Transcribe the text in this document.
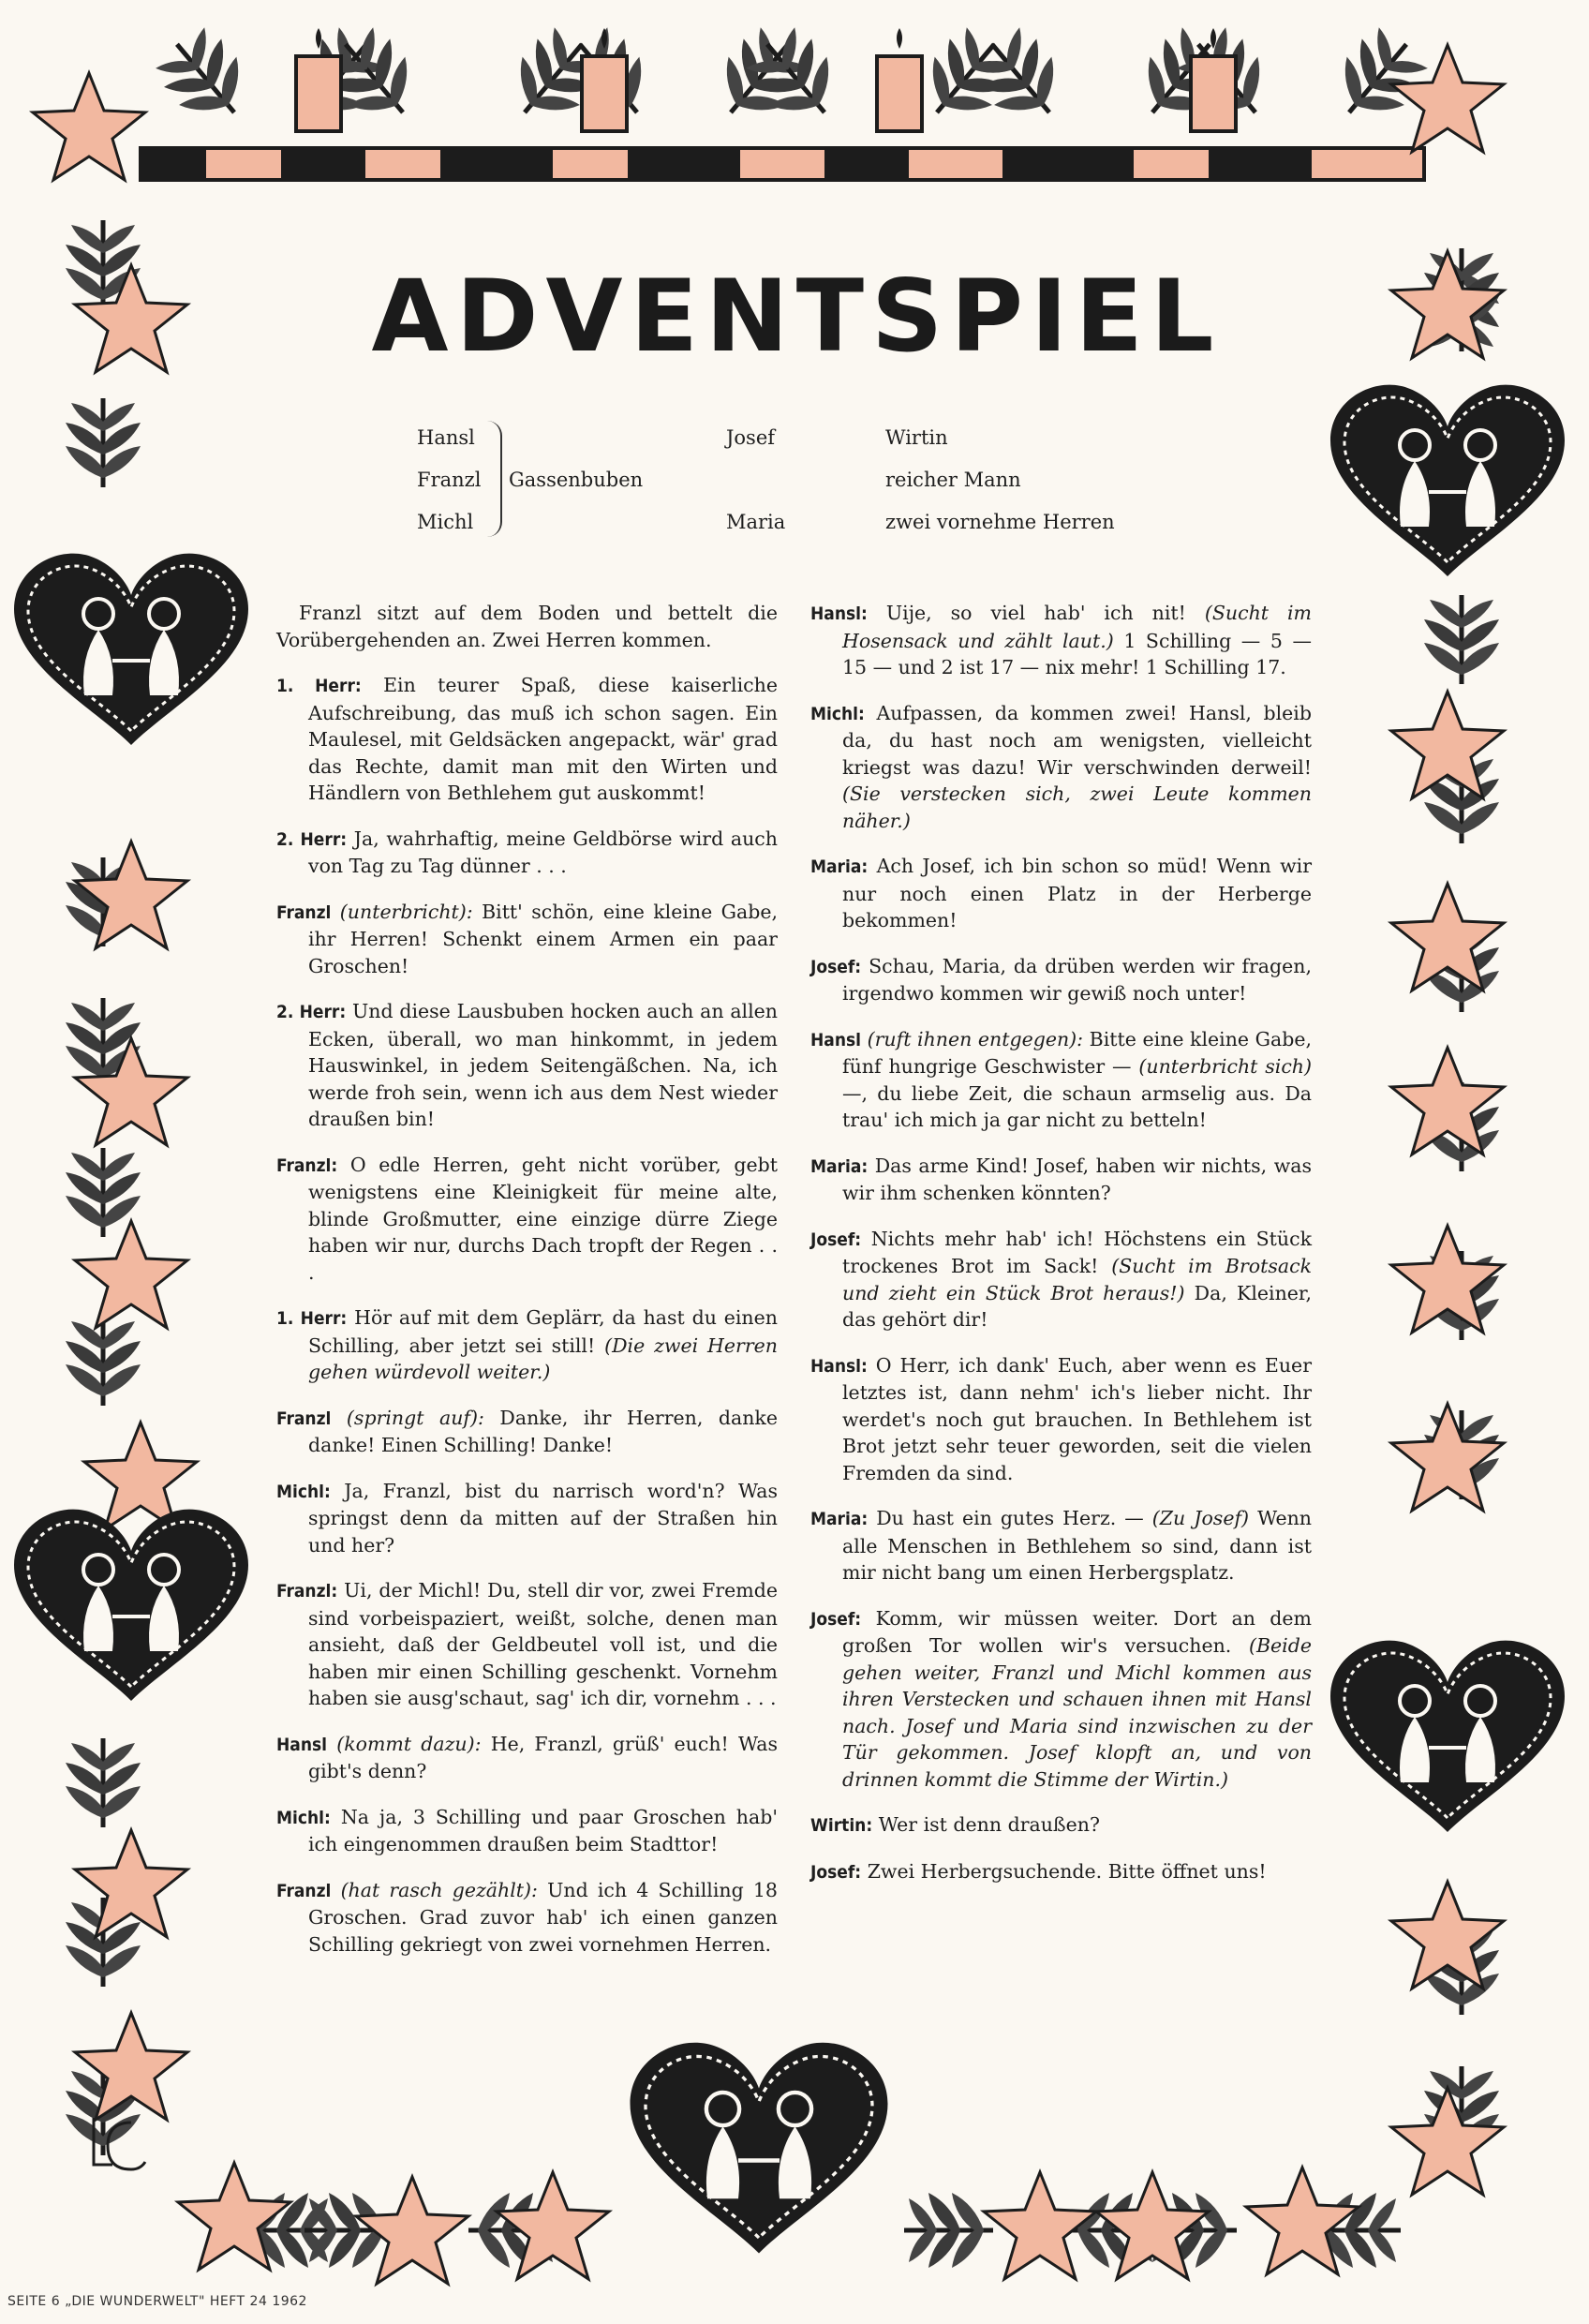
ADVENTSPIEL
Hansl
Franzl
Michl
Gassenbuben
Josef
Maria
Wirtin
reicher Mann
zwei vornehme Herren
Franzl sitzt auf dem Boden und bettelt die Vorübergehenden an. Zwei Herren kommen.
1. Herr: Ein teurer Spaß, diese kaiserliche Aufschreibung, das muß ich schon sagen. Ein Maulesel, mit Geldsäcken angepackt, wär' grad das Rechte, damit man mit den Wirten und Händlern von Bethlehem gut auskommt!
2. Herr: Ja, wahrhaftig, meine Geldbörse wird auch von Tag zu Tag dünner . . .
Franzl (unterbricht): Bitt' schön, eine kleine Gabe, ihr Herren! Schenkt einem Armen ein paar Groschen!
2. Herr: Und diese Lausbuben hocken auch an allen Ecken, überall, wo man hinkommt, in jedem Hauswinkel, in jedem Seitengäßchen. Na, ich werde froh sein, wenn ich aus dem Nest wieder draußen bin!
Franzl: O edle Herren, geht nicht vorüber, gebt wenigstens eine Kleinigkeit für meine alte, blinde Großmutter, eine einzige dürre Ziege haben wir nur, durchs Dach tropft der Regen . . .
1. Herr: Hör auf mit dem Geplärr, da hast du einen Schilling, aber jetzt sei still! (Die zwei Herren gehen würdevoll weiter.)
Franzl (springt auf): Danke, ihr Herren, danke danke! Einen Schilling! Danke!
Michl: Ja, Franzl, bist du narrisch word'n? Was springst denn da mitten auf der Straßen hin und her?
Franzl: Ui, der Michl! Du, stell dir vor, zwei Fremde sind vorbeispaziert, weißt, solche, denen man ansieht, daß der Geldbeutel voll ist, und die haben mir einen Schilling geschenkt. Vornehm haben sie ausg'schaut, sag' ich dir, vornehm . . .
Hansl (kommt dazu): He, Franzl, grüß' euch! Was gibt's denn?
Michl: Na ja, 3 Schilling und paar Groschen hab' ich eingenommen draußen beim Stadttor!
Franzl (hat rasch gezählt): Und ich 4 Schilling 18 Groschen. Grad zuvor hab' ich einen ganzen Schilling gekriegt von zwei vornehmen Herren.
Hansl: Uije, so viel hab' ich nit! (Sucht im Hosensack und zählt laut.) 1 Schilling — 5 — 15 — und 2 ist 17 — nix mehr! 1 Schilling 17.
Michl: Aufpassen, da kommen zwei! Hansl, bleib da, du hast noch am wenigsten, vielleicht kriegst was dazu! Wir verschwinden derweil! (Sie verstecken sich, zwei Leute kommen näher.)
Maria: Ach Josef, ich bin schon so müd! Wenn wir nur noch einen Platz in der Herberge bekommen!
Josef: Schau, Maria, da drüben werden wir fragen, irgendwo kommen wir gewiß noch unter!
Hansl (ruft ihnen entgegen): Bitte eine kleine Gabe, fünf hungrige Geschwister — (unterbricht sich) —, du liebe Zeit, die schaun armselig aus. Da trau' ich mich ja gar nicht zu betteln!
Maria: Das arme Kind! Josef, haben wir nichts, was wir ihm schenken könnten?
Josef: Nichts mehr hab' ich! Höchstens ein Stück trockenes Brot im Sack! (Sucht im Brotsack und zieht ein Stück Brot heraus!) Da, Kleiner, das gehört dir!
Hansl: O Herr, ich dank' Euch, aber wenn es Euer letztes ist, dann nehm' ich's lieber nicht. Ihr werdet's noch gut brauchen. In Bethlehem ist Brot jetzt sehr teuer geworden, seit die vielen Fremden da sind.
Maria: Du hast ein gutes Herz. — (Zu Josef) Wenn alle Menschen in Bethlehem so sind, dann ist mir nicht bang um einen Herbergsplatz.
Josef: Komm, wir müssen weiter. Dort an dem großen Tor wollen wir's versuchen. (Beide gehen weiter, Franzl und Michl kommen aus ihren Verstecken und schauen ihnen mit Hansl nach. Josef und Maria sind inzwischen zu der Tür gekommen. Josef klopft an, und von drinnen kommt die Stimme der Wirtin.)
Wirtin: Wer ist denn draußen?
Josef: Zwei Herbergsuchende. Bitte öffnet uns!
SEITE 6 „DIE WUNDERWELT" HEFT 24 1962
